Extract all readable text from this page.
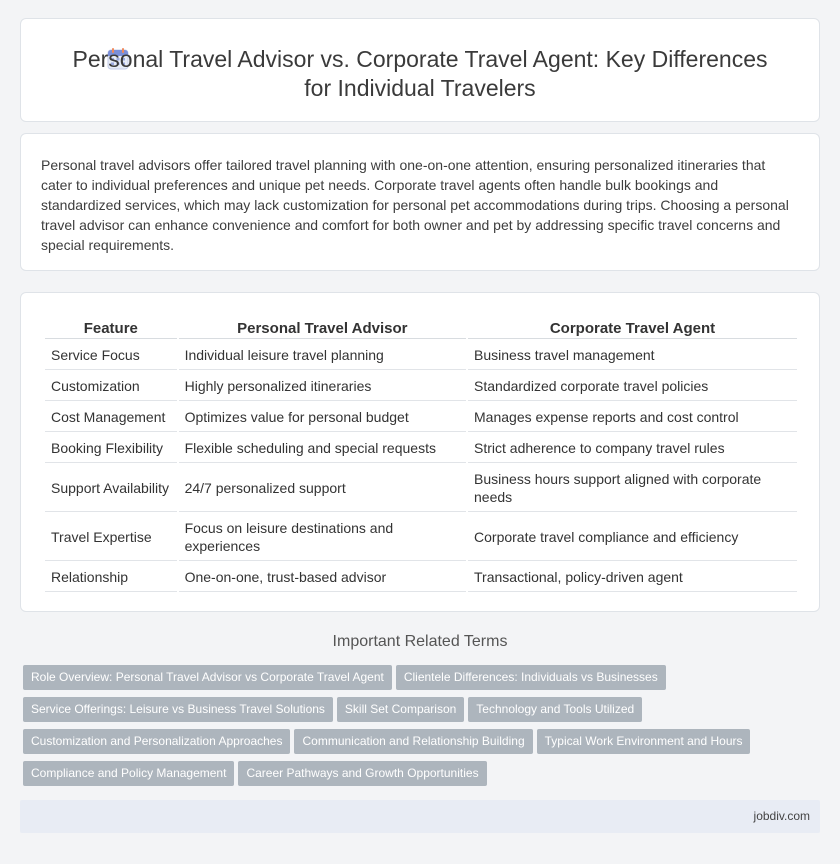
Personal Travel Advisor vs. Corporate Travel Agent: Key Differences for Individual Travelers

Personal travel advisors offer tailored travel planning with one-on-one attention, ensuring personalized itineraries that cater to individual preferences and unique pet needs. Corporate travel agents often handle bulk bookings and standardized services, which may lack customization for personal pet accommodations during trips. Choosing a personal travel advisor can enhance convenience and comfort for both owner and pet by addressing specific travel concerns and special requirements.

Feature	Personal Travel Advisor	Corporate Travel Agent
Service Focus	Individual leisure travel planning	Business travel management
Customization	Highly personalized itineraries	Standardized corporate travel policies
Cost Management	Optimizes value for personal budget	Manages expense reports and cost control
Booking Flexibility	Flexible scheduling and special requests	Strict adherence to company travel rules
Support Availability	24/7 personalized support	Business hours support aligned with corporate needs
Travel Expertise	Focus on leisure destinations and experiences	Corporate travel compliance and efficiency
Relationship	One-on-one, trust-based advisor	Transactional, policy-driven agent
Important Related Terms
Role Overview: Personal Travel Advisor vs Corporate Travel Agent Clientele Differences: Individuals vs Businesses
Service Offerings: Leisure vs Business Travel Solutions Skill Set Comparison Technology and Tools Utilized
Customization and Personalization Approaches Communication and Relationship Building Typical Work Environment and Hours
Compliance and Policy Management Career Pathways and Growth Opportunities
jobdiv.com
